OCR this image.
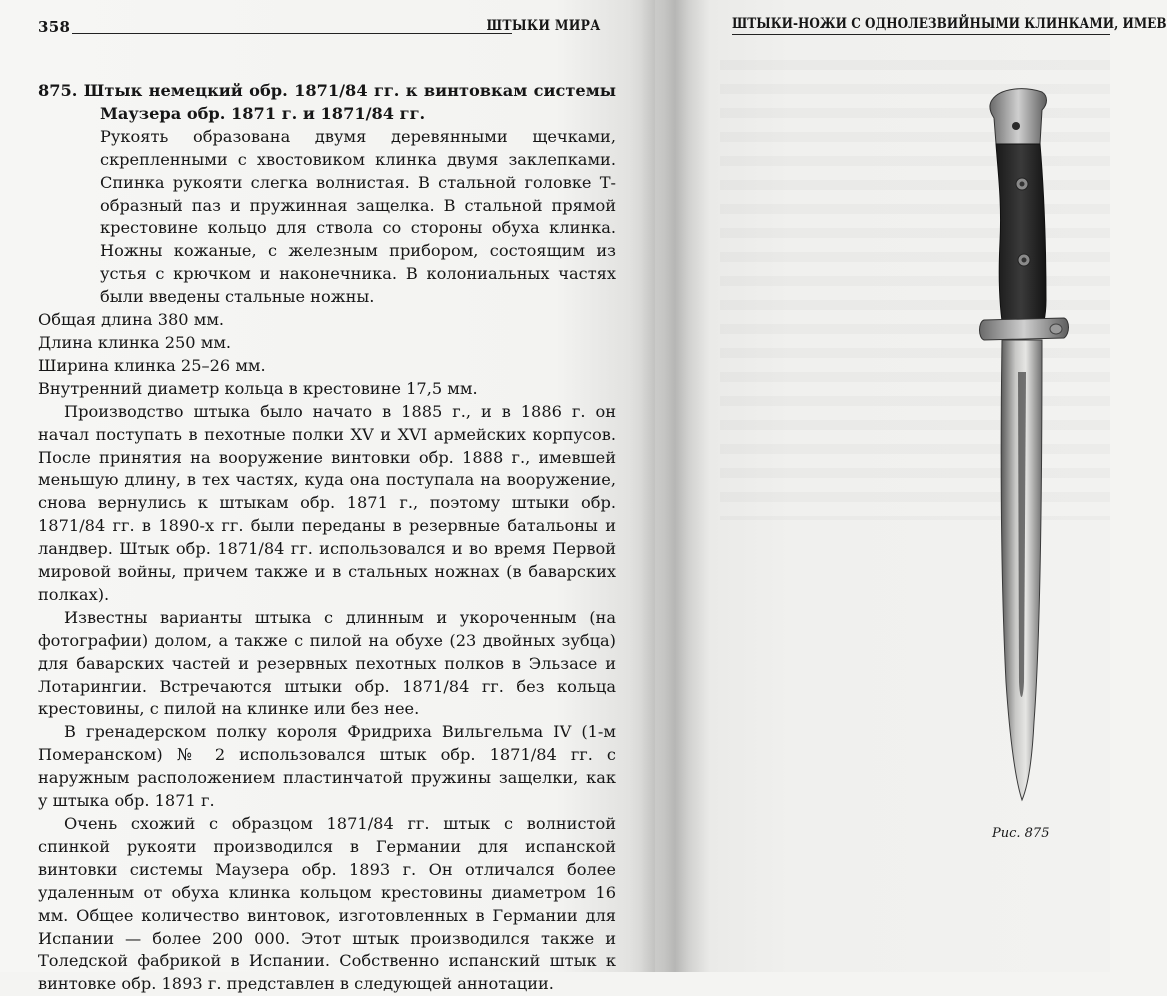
358	ШТЫКИ МИРА

875. Штык немецкий обр. 1871/84 гг. к винтовкам системы Маузера обр. 1871 г. и 1871/84 гг.

Рукоять образована двумя деревянными щечками, скрепленными с хвостовиком клинка двумя заклепками. Спинка рукояти слегка волнистая. В стальной головке Т-образный паз и пружинная защелка. В стальной прямой крестовине кольцо для ствола со стороны обуха клинка. Ножны кожаные, с железным прибором, состоящим из устья с крючком и наконечника. В колониальных частях были введены стальные ножны.

Общая длина 380 мм.

Длина клинка 250 мм.

Ширина клинка 25–26 мм.

Внутренний диаметр кольца в крестовине 17,5 мм.

Производство штыка было начато в 1885 г., и в 1886 г. он начал поступать в пехотные полки XV и XVI армейских корпусов. После принятия на вооружение винтовки обр. 1888 г., имевшей меньшую длину, в тех частях, куда она поступала на вооружение, снова вернулись к штыкам обр. 1871 г., поэтому штыки обр. 1871/84 гг. в 1890-х гг. были переданы в резервные батальоны и ландвер. Штык обр. 1871/84 гг. использовался и во время Первой мировой войны, причем также и в стальных ножнах (в баварских полках).

Известны варианты штыка с длинным и укороченным (на фотографии) долом, а также с пилой на обухе (23 двойных зубца) для баварских частей и резервных пехотных полков в Эльзасе и Лотарингии. Встречаются штыки обр. 1871/84 гг. без кольца крестовины, с пилой на клинке или без нее.

В гренадерском полку короля Фридриха Вильгельма IV (1-м Померанском) № 2 использовался штык обр. 1871/84 гг. с наружным расположением пластинчатой пружины защелки, как у штыка обр. 1871 г.

Очень схожий с образцом 1871/84 гг. штык с волнистой спинкой рукояти производился в Германии для испанской винтовки системы Маузера обр. 1893 г. Он отличался более удаленным от обуха клинка кольцом крестовины диаметром 16 мм. Общее количество винтовок, изготовленных в Германии для Испании — более 200 000. Этот штык производился также и Толедской фабрикой в Испании. Собственно испанский штык к винтовке обр. 1893 г. представлен в следующей аннотации.

ШТЫКИ-НОЖИ С ОДНОЛЕЗВИЙНЫМИ КЛИНКАМИ, ИМЕВ
Рис. 875
